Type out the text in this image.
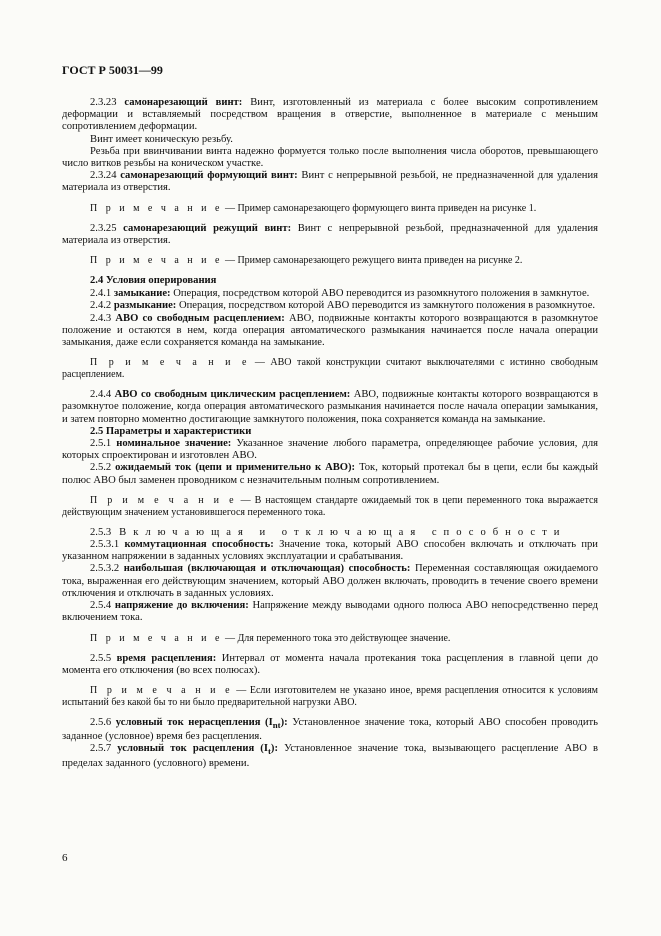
ГОСТ Р 50031—99

2.3.23 самонарезающий винт: Винт, изготовленный из материала с более высоким сопротивлением деформации и вставляемый посредством вращения в отверстие, выполненное в материале с меньшим сопротивлением деформации.

Винт имеет коническую резьбу.

Резьба при ввинчивании винта надежно формуется только после выполнения числа оборотов, превышающего число витков резьбы на коническом участке.

2.3.24 самонарезающий формующий винт: Винт с непрерывной резьбой, не предназначенной для удаления материала из отверстия.

П р и м е ч а н и е — Пример самонарезающего формующего винта приведен на рисунке 1.

2.3.25 самонарезающий режущий винт: Винт с непрерывной резьбой, предназначенной для удаления материала из отверстия.

П р и м е ч а н и е — Пример самонарезающего режущего винта приведен на рисунке 2.

2.4 Условия оперирования

2.4.1 замыкание: Операция, посредством которой АВО переводится из разомкнутого положения в замкнутое.

2.4.2 размыкание: Операция, посредством которой АВО переводится из замкнутого положения в разомкнутое.

2.4.3 АВО со свободным расцеплением: АВО, подвижные контакты которого возвращаются в разомкнутое положение и остаются в нем, когда операция автоматического размыкания начинается после начала операции замыкания, даже если сохраняется команда на замыкание.

П р и м е ч а н и е — АВО такой конструкции считают выключателями с истинно свободным расцеплением.

2.4.4 АВО со свободным циклическим расцеплением: АВО, подвижные контакты которого возвращаются в разомкнутое положение, когда операция автоматического размыкания начинается после начала операции замыкания, и затем повторно моментно достигающие замкнутого положения, пока сохраняется команда на замыкание.

2.5 Параметры и характеристики

2.5.1 номинальное значение: Указанное значение любого параметра, определяющее рабочие условия, для которых спроектирован и изготовлен АВО.

2.5.2 ожидаемый ток (цепи и применительно к АВО): Ток, который протекал бы в цепи, если бы каждый полюс АВО был заменен проводником с незначительным полным сопротивлением.

П р и м е ч а н и е — В настоящем стандарте ожидаемый ток в цепи переменного тока выражается действующим значением установившегося переменного тока.

2.5.3 Включающая и отключающая способности

2.5.3.1 коммутационная способность: Значение тока, который АВО способен включать и отключать при указанном напряжении в заданных условиях эксплуатации и срабатывания.

2.5.3.2 наибольшая (включающая и отключающая) способность: Переменная составляющая ожидаемого тока, выраженная его действующим значением, который АВО должен включать, проводить в течение своего времени отключения и отключать в заданных условиях.

2.5.4 напряжение до включения: Напряжение между выводами одного полюса АВО непосредственно перед включением тока.

П р и м е ч а н и е — Для переменного тока это действующее значение.

2.5.5 время расцепления: Интервал от момента начала протекания тока расцепления в главной цепи до момента его отключения (во всех полюсах).

П р и м е ч а н и е — Если изготовителем не указано иное, время расцепления относится к условиям испытаний без какой бы то ни было предварительной нагрузки АВО.

2.5.6 условный ток нерасцепления $(I_{nt})$: Установленное значение тока, который АВО способен проводить заданное (условное) время без расцепления.

2.5.7 условный ток расцепления $(I_t)$: Установленное значение тока, вызывающего расцепление АВО в пределах заданного (условного) времени.

6
